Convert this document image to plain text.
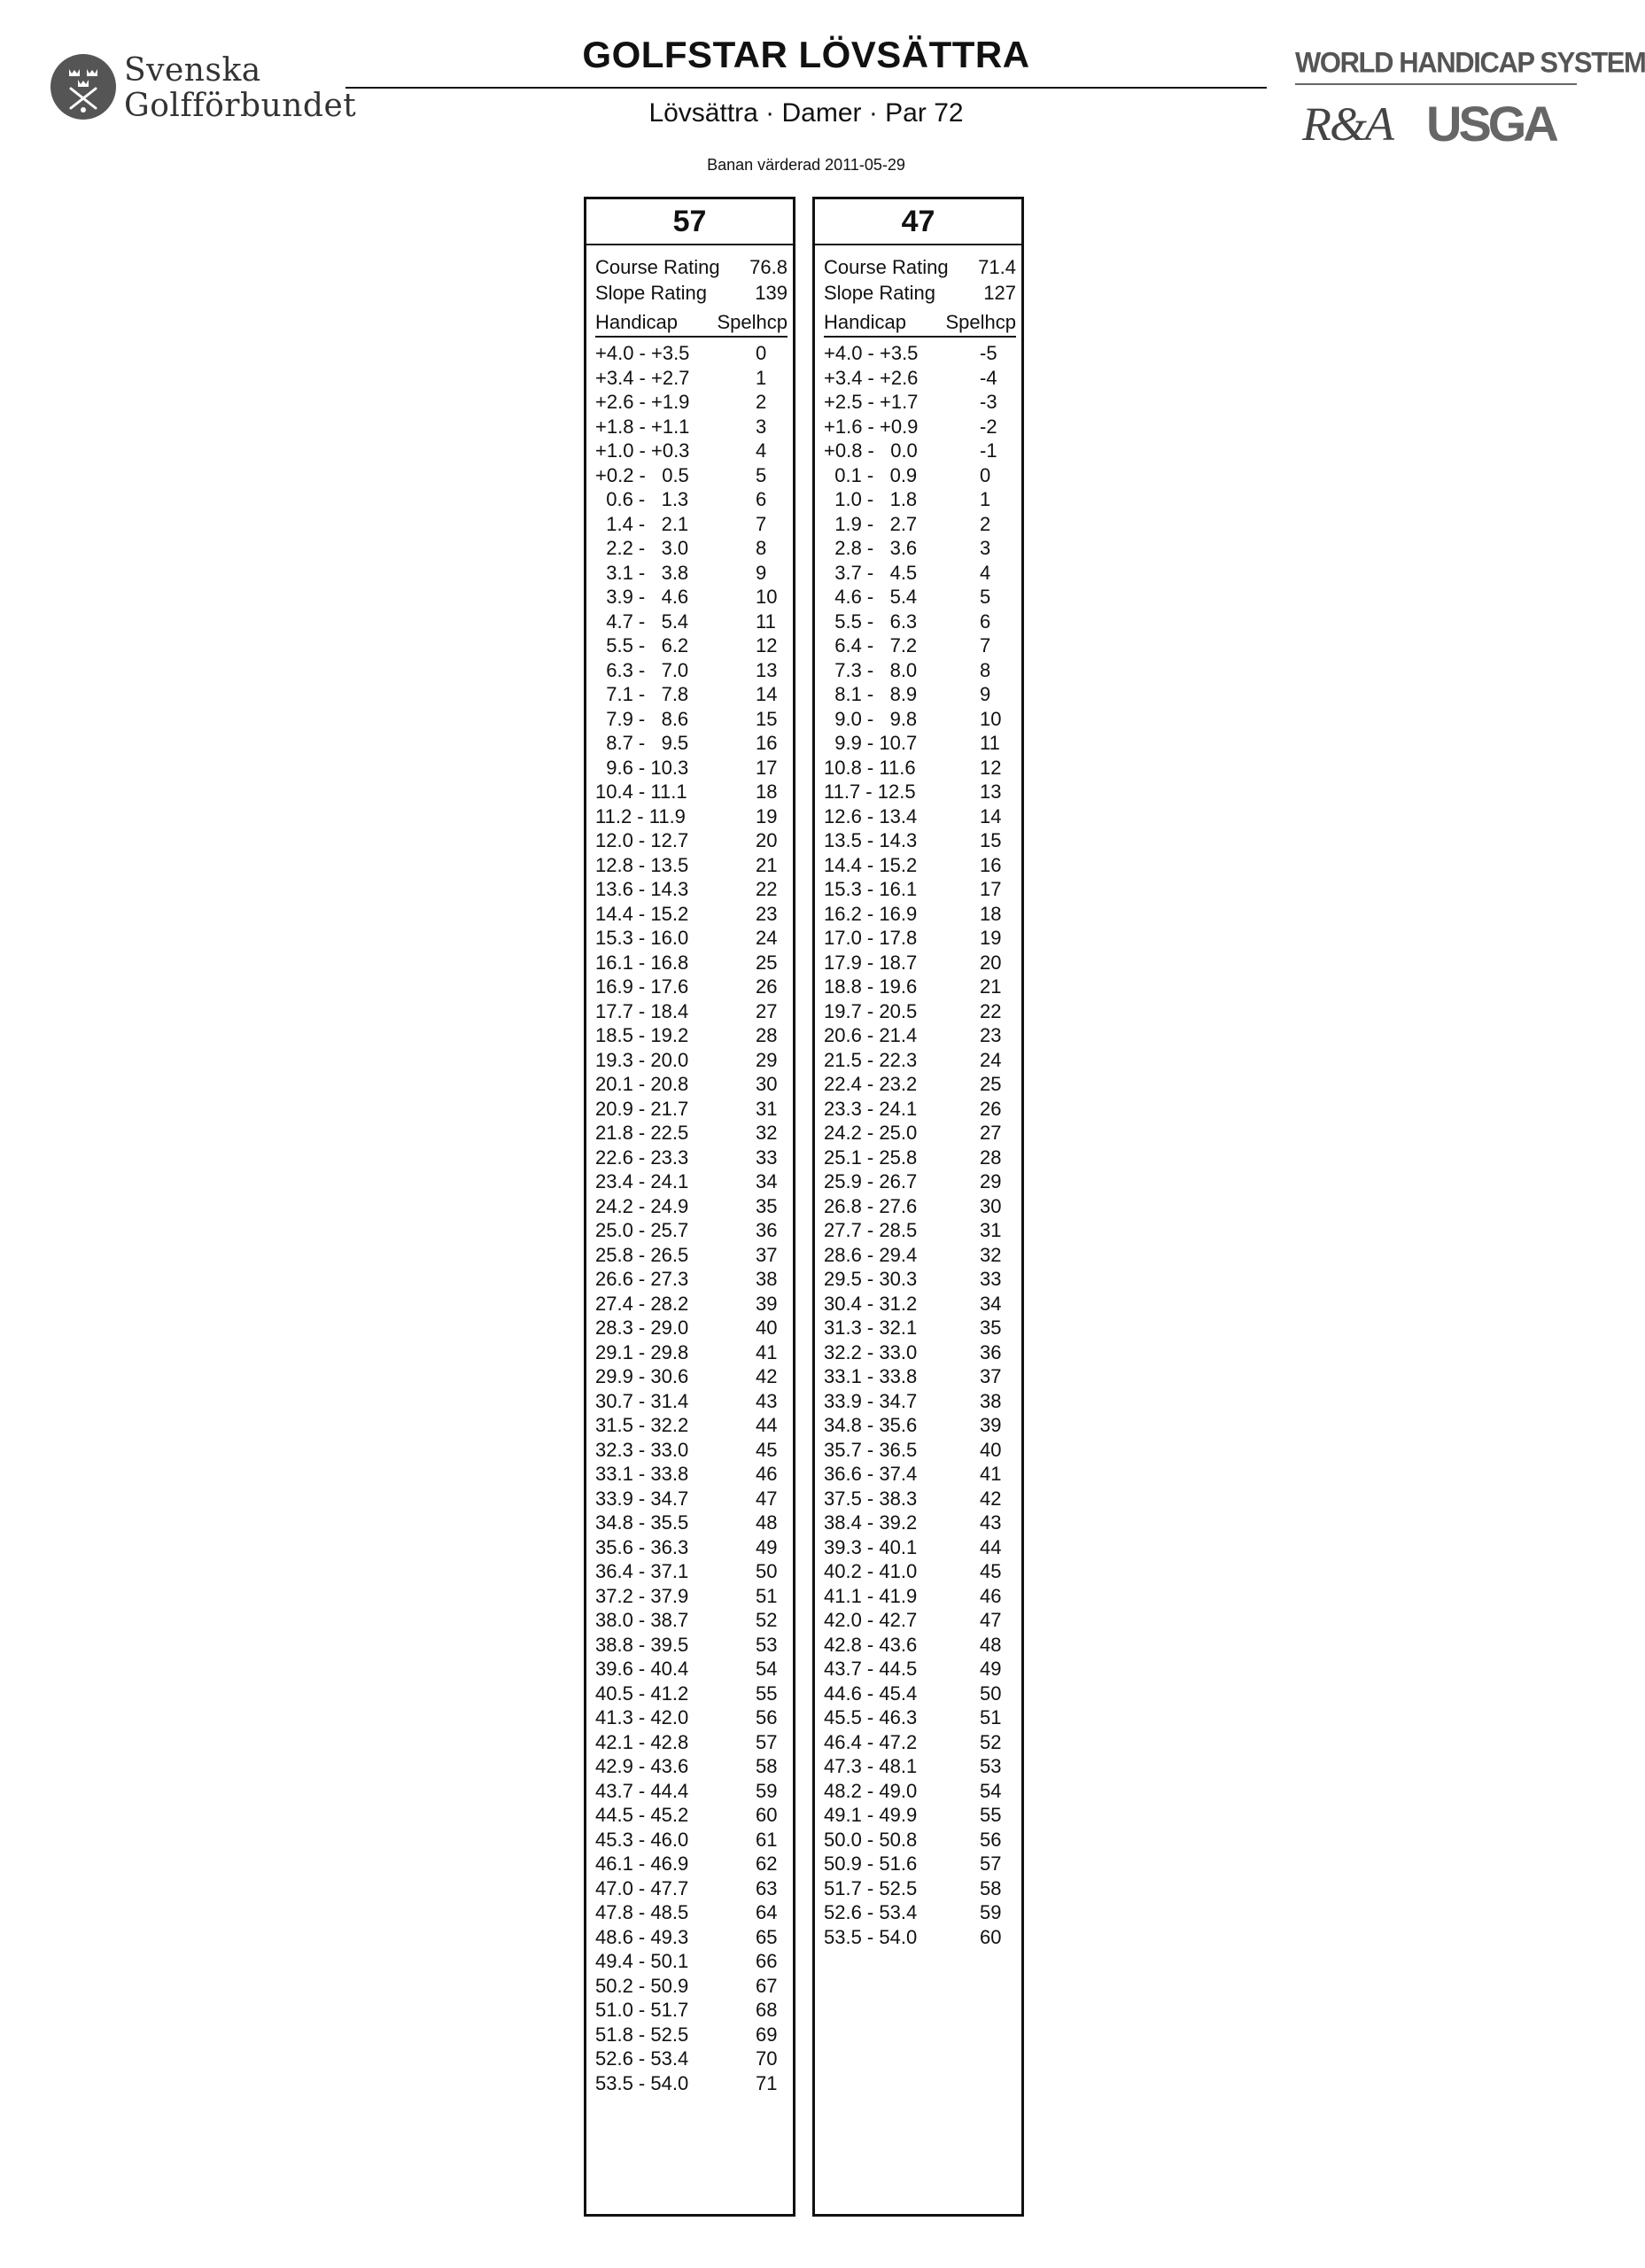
Svenska
Golfförbundet
GOLFSTAR LÖVSÄTTRA
Lövsättra · Damer · Par 72
Banan värderad 2011-05-29
WORLD HANDICAP SYSTEM
R&A USGA
57
Course Rating 76.8
Slope Rating 139
Handicap Spelhcp
+4.0 - +3.5	0
+3.4 - +2.7	1
+2.6 - +1.9	2
+1.8 - +1.1	3
+1.0 - +0.3	4
+0.2 -   0.5	5
0.6 -   1.3	6
1.4 -   2.1	7
2.2 -   3.0	8
3.1 -   3.8	9
3.9 -   4.6	10
4.7 -   5.4	11
5.5 -   6.2	12
6.3 -   7.0	13
7.1 -   7.8	14
7.9 -   8.6	15
8.7 -   9.5	16
9.6 - 10.3	17
10.4 - 11.1	18
11.2 - 11.9	19
12.0 - 12.7	20
12.8 - 13.5	21
13.6 - 14.3	22
14.4 - 15.2	23
15.3 - 16.0	24
16.1 - 16.8	25
16.9 - 17.6	26
17.7 - 18.4	27
18.5 - 19.2	28
19.3 - 20.0	29
20.1 - 20.8	30
20.9 - 21.7	31
21.8 - 22.5	32
22.6 - 23.3	33
23.4 - 24.1	34
24.2 - 24.9	35
25.0 - 25.7	36
25.8 - 26.5	37
26.6 - 27.3	38
27.4 - 28.2	39
28.3 - 29.0	40
29.1 - 29.8	41
29.9 - 30.6	42
30.7 - 31.4	43
31.5 - 32.2	44
32.3 - 33.0	45
33.1 - 33.8	46
33.9 - 34.7	47
34.8 - 35.5	48
35.6 - 36.3	49
36.4 - 37.1	50
37.2 - 37.9	51
38.0 - 38.7	52
38.8 - 39.5	53
39.6 - 40.4	54
40.5 - 41.2	55
41.3 - 42.0	56
42.1 - 42.8	57
42.9 - 43.6	58
43.7 - 44.4	59
44.5 - 45.2	60
45.3 - 46.0	61
46.1 - 46.9	62
47.0 - 47.7	63
47.8 - 48.5	64
48.6 - 49.3	65
49.4 - 50.1	66
50.2 - 50.9	67
51.0 - 51.7	68
51.8 - 52.5	69
52.6 - 53.4	70
53.5 - 54.0	71
47
Course Rating 71.4
Slope Rating 127
Handicap Spelhcp
+4.0 - +3.5	-5
+3.4 - +2.6	-4
+2.5 - +1.7	-3
+1.6 - +0.9	-2
+0.8 -   0.0	-1
0.1 -   0.9	0
1.0 -   1.8	1
1.9 -   2.7	2
2.8 -   3.6	3
3.7 -   4.5	4
4.6 -   5.4	5
5.5 -   6.3	6
6.4 -   7.2	7
7.3 -   8.0	8
8.1 -   8.9	9
9.0 -   9.8	10
9.9 - 10.7	11
10.8 - 11.6	12
11.7 - 12.5	13
12.6 - 13.4	14
13.5 - 14.3	15
14.4 - 15.2	16
15.3 - 16.1	17
16.2 - 16.9	18
17.0 - 17.8	19
17.9 - 18.7	20
18.8 - 19.6	21
19.7 - 20.5	22
20.6 - 21.4	23
21.5 - 22.3	24
22.4 - 23.2	25
23.3 - 24.1	26
24.2 - 25.0	27
25.1 - 25.8	28
25.9 - 26.7	29
26.8 - 27.6	30
27.7 - 28.5	31
28.6 - 29.4	32
29.5 - 30.3	33
30.4 - 31.2	34
31.3 - 32.1	35
32.2 - 33.0	36
33.1 - 33.8	37
33.9 - 34.7	38
34.8 - 35.6	39
35.7 - 36.5	40
36.6 - 37.4	41
37.5 - 38.3	42
38.4 - 39.2	43
39.3 - 40.1	44
40.2 - 41.0	45
41.1 - 41.9	46
42.0 - 42.7	47
42.8 - 43.6	48
43.7 - 44.5	49
44.6 - 45.4	50
45.5 - 46.3	51
46.4 - 47.2	52
47.3 - 48.1	53
48.2 - 49.0	54
49.1 - 49.9	55
50.0 - 50.8	56
50.9 - 51.6	57
51.7 - 52.5	58
52.6 - 53.4	59
53.5 - 54.0	60
